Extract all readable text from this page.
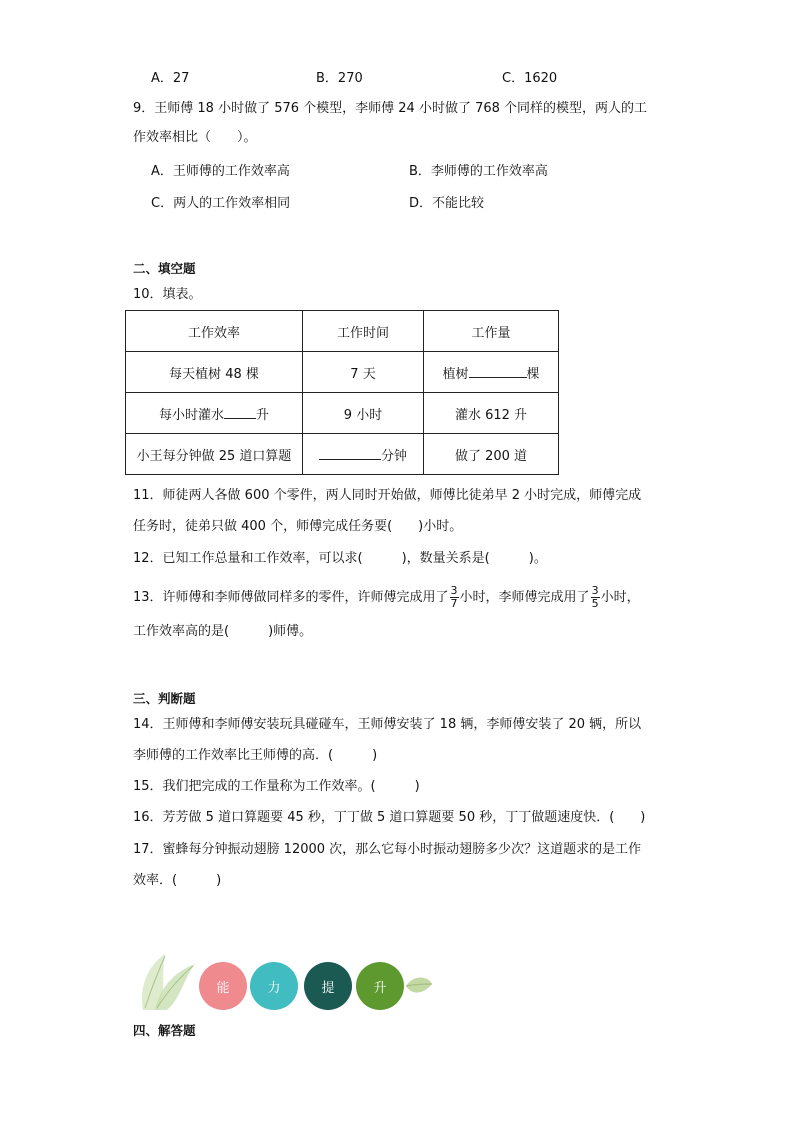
A．27	B．270	C．1620
9．王师傅 18 小时做了 576 个模型，李师傅 24 小时做了 768 个同样的模型，两人的工
作效率相比（　　）。
A．王师傅的工作效率高	B．李师傅的工作效率高
C．两人的工作效率相同	D．不能比较
二、填空题
10．填表。
工作效率	工作时间	工作量
每天植树 48 棵	7 天	植树 棵
每小时灌水 升	9 小时	灌水 612 升
小王每分钟做 25 道口算题	分钟	做了 200 道
11．师徒两人各做 600 个零件，两人同时开始做，师傅比徒弟早 2 小时完成，师傅完成
任务时，徒弟只做 400 个，师傅完成任务要(　　)小时。
12．已知工作总量和工作效率，可以求(　　　)，数量关系是(　　　)。
13．许师傅和李师傅做同样多的零件，许师傅完成用了 $\frac{3}{7}$ 小时，李师傅完成用了 $\frac{3}{5}$ 小时，
工作效率高的是(　　　)师傅。
三、判断题
14．王师傅和李师傅安装玩具碰碰车，王师傅安装了 18 辆，李师傅安装了 20 辆，所以
李师傅的工作效率比王师傅的高．(　　　)
15．我们把完成的工作量称为工作效率。(　　　)
16．芳芳做 5 道口算题要 45 秒，丁丁做 5 道口算题要 50 秒，丁丁做题速度快．(　　)
17．蜜蜂每分钟振动翅膀 12000 次，那么它每小时振动翅膀多少次？这道题求的是工作
效率．(　　　)
能	力	提	升
四、解答题
